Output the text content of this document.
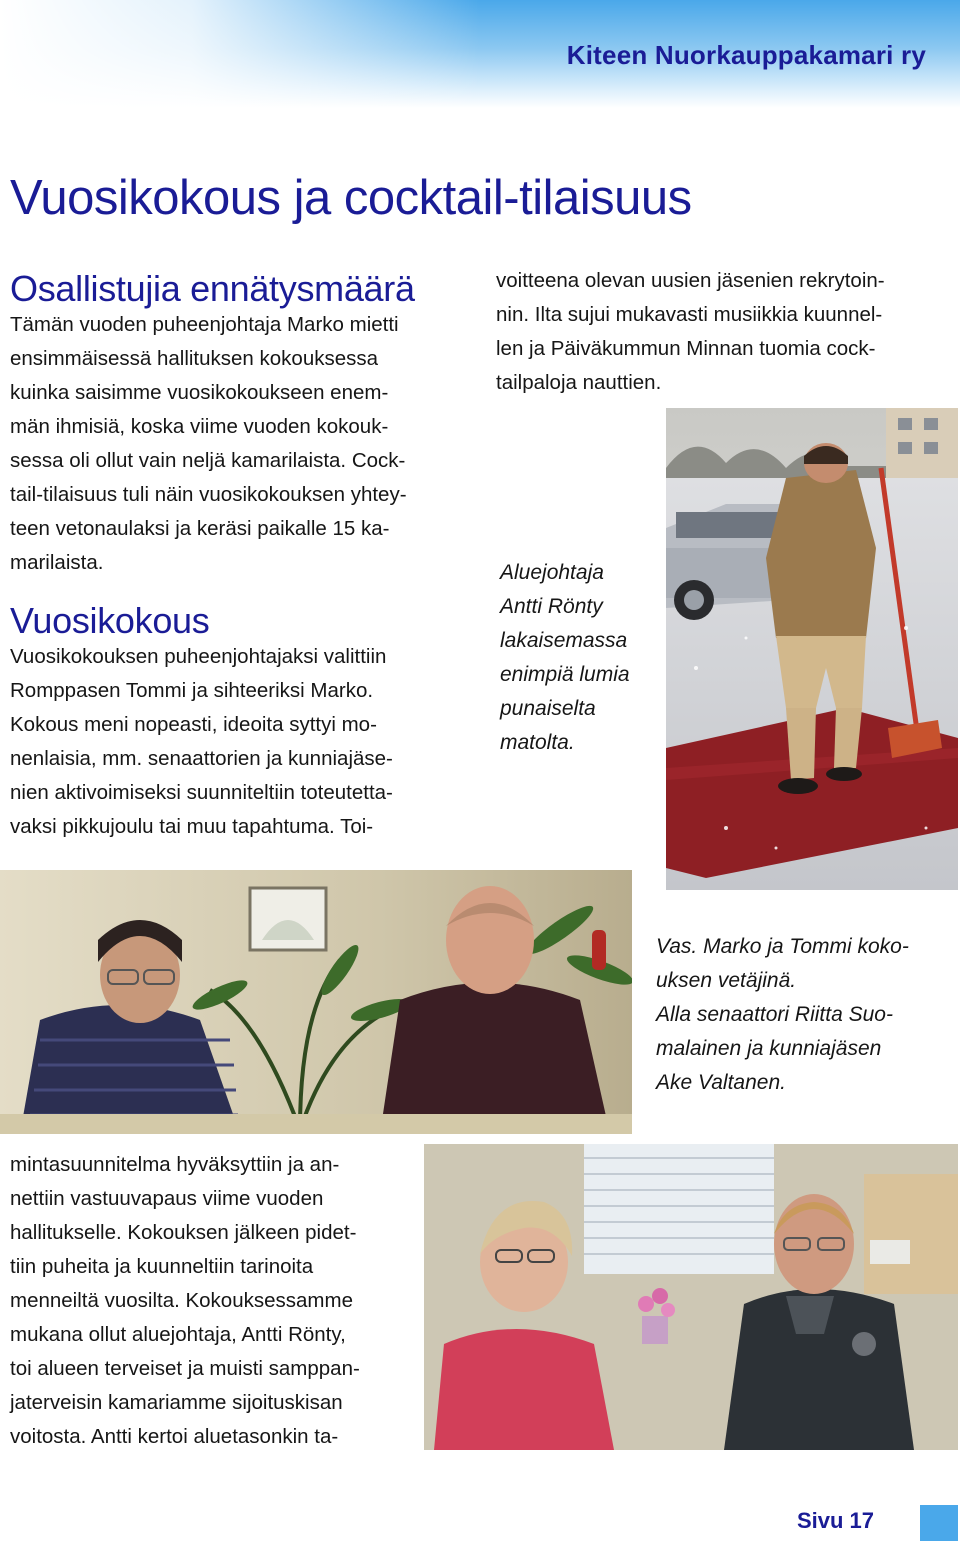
Kiteen Nuorkauppakamari ry
Vuosikokous ja cocktail-tilaisuus
Osallistujia ennätysmäärä

Tämän vuoden puheenjohtaja Marko mietti
ensimmäisessä hallituksen kokouksessa
kuinka saisimme vuosikokoukseen enem-
män ihmisiä, koska viime vuoden kokouk-
sessa oli ollut vain neljä kamarilaista. Cock-
tail-tilaisuus tuli näin vuosikokouksen yhtey-
teen vetonaulaksi ja keräsi paikalle 15 ka-
marilaista.

Vuosikokous

Vuosikokouksen puheenjohtajaksi valittiin
Romppasen Tommi ja sihteeriksi Marko.
Kokous meni nopeasti, ideoita syttyi mo-
nenlaisia, mm. senaattorien ja kunniajäse-
nien aktivoimiseksi suunniteltiin toteutetta-
vaksi pikkujoulu tai muu tapahtuma. Toi-

voitteena olevan uusien jäsenien rekrytoin-
nin. Ilta sujui mukavasti musiikkia kuunnel-
len ja Päiväkummun Minnan tuomia cock-
tailpaloja nauttien.

Aluejohtaja
Antti Rönty
lakaisemassa
enimpiä lumia
punaiselta
matolta.

Vas. Marko ja Tommi koko-
uksen vetäjinä.
Alla senaattori Riitta Suo-
malainen ja kunniajäsen
Ake Valtanen.

mintasuunnitelma hyväksyttiin ja an-
nettiin vastuuvapaus viime vuoden
hallitukselle. Kokouksen jälkeen pidet-
tiin puheita ja kuunneltiin tarinoita
menneiltä vuosilta. Kokouksessamme
mukana ollut aluejohtaja, Antti Rönty,
toi alueen terveiset ja muisti samppan-
jaterveisin kamariamme sijoituskisan
voitosta. Antti kertoi aluetasonkin ta-

Sivu 17
